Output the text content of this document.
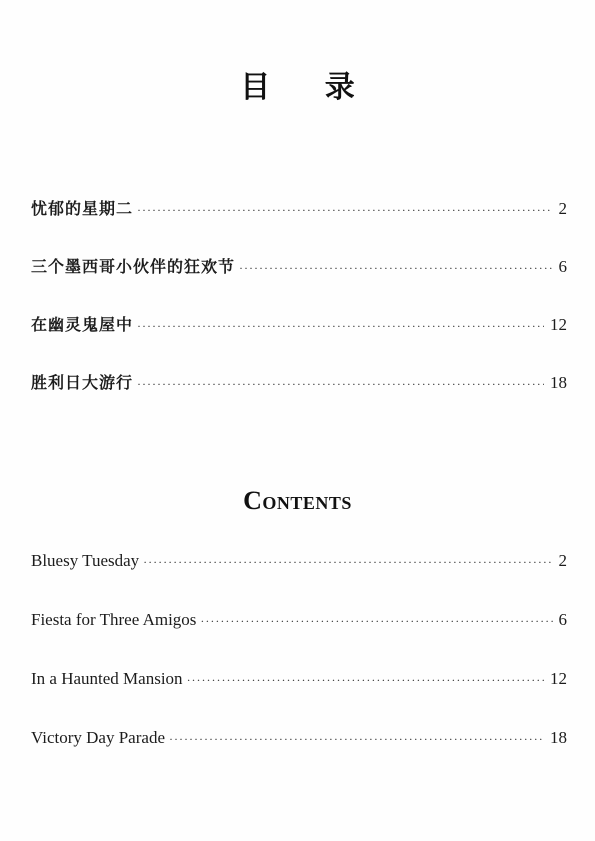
目 录
忧郁的星期二 ·····	2
三个墨西哥小伙伴的狂欢节 ·····	6
在幽灵鬼屋中 ·····	12
胜利日大游行 ·····	18
Contents
Bluesy Tuesday ·····	2
Fiesta for Three Amigos ·····	6
In a Haunted Mansion ·····	12
Victory Day Parade ·····	18
